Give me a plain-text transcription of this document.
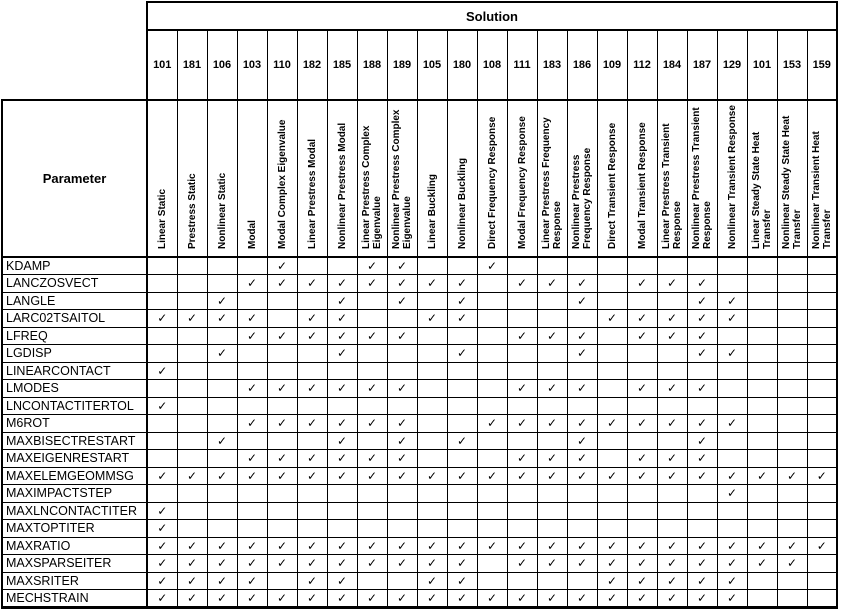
	Solution																						
	101	181	106	103	110	182	185	188	189	105	180	108	111	183	186	109	112	184	187	129	101	153	159
Parameter	Linear Static	Prestress Static	Nonlinear Static	Modal	Modal Complex Eigenvalue	Linear Prestress Modal	Nonlinear Prestress Modal	Linear Prestress Complex Eigenvalue	Nonlinear Prestress Complex Eigenvalue	Linear Buckling	Nonlinear Buckling	Direct Frequency Response	Modal Frequency Response	Linear Prestress Frequency Response	Nonlinear Prestress Frequency Response	Direct Transient Response	Modal Transient Response	Linear Prestress Transient Response	Nonlinear Prestress Transient Response	Nonlinear Transient Response	Linear Steady State Heat Transfer	Nonlinear Steady State Heat Transfer	Nonlinear Transient Heat Transfer
KDAMP					✓			✓	✓			✓											
LANCZOSVECT				✓	✓	✓	✓	✓	✓	✓	✓		✓	✓	✓		✓	✓	✓				
LANGLE			✓				✓		✓		✓				✓				✓	✓			
LARC02TSAITOL	✓	✓	✓	✓		✓	✓			✓	✓					✓	✓	✓	✓	✓			
LFREQ				✓	✓	✓	✓	✓	✓				✓	✓	✓		✓	✓	✓				
LGDISP			✓				✓				✓				✓				✓	✓			
LINEARCONTACT	✓																						
LMODES				✓	✓	✓	✓	✓	✓				✓	✓	✓		✓	✓	✓				
LNCONTACTITERTOL	✓																						
M6ROT				✓	✓	✓	✓	✓	✓			✓	✓	✓	✓	✓	✓	✓	✓	✓			
MAXBISECTRESTART			✓				✓		✓		✓				✓				✓				
MAXEIGENRESTART				✓	✓	✓	✓	✓	✓				✓	✓	✓		✓	✓	✓				
MAXELEMGEOMMSG	✓	✓	✓	✓	✓	✓	✓	✓	✓	✓	✓	✓	✓	✓	✓	✓	✓	✓	✓	✓	✓	✓	✓
MAXIMPACTSTEP																				✓			
MAXLNCONTACTITER	✓																						
MAXTOPTITER	✓																						
MAXRATIO	✓	✓	✓	✓	✓	✓	✓	✓	✓	✓	✓	✓	✓	✓	✓	✓	✓	✓	✓	✓	✓	✓	✓
MAXSPARSEITER	✓	✓	✓	✓	✓	✓	✓	✓	✓	✓	✓		✓	✓	✓	✓	✓	✓	✓	✓	✓	✓	
MAXSRITER	✓	✓	✓	✓		✓	✓			✓	✓					✓	✓	✓	✓	✓			
MECHSTRAIN	✓	✓	✓	✓	✓	✓	✓	✓	✓	✓	✓	✓	✓	✓	✓	✓	✓	✓	✓	✓			
